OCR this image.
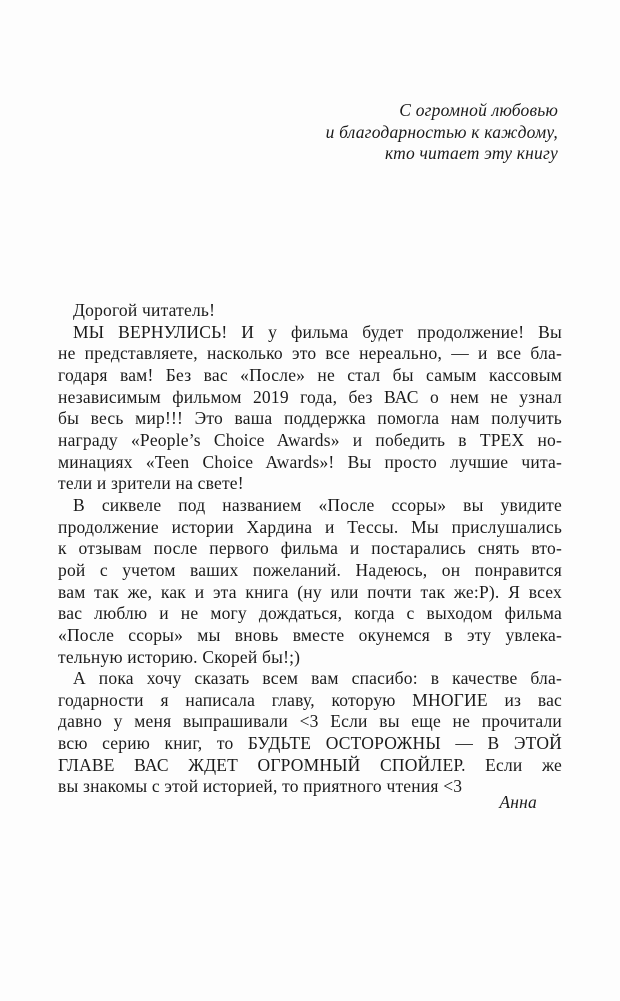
С огромной любовью
и благодарностью к каждому,
кто читает эту книгу
Дорогой читатель!
МЫ ВЕРНУЛИСЬ! И у фильма будет продолжение! Вы
не представляете, насколько это все нереально, — и все бла-
годаря вам! Без вас «После» не стал бы самым кассовым
независимым фильмом 2019 года, без ВАС о нем не узнал
бы весь мир!!! Это ваша поддержка помогла нам получить
награду «People’s Choice Awards» и победить в ТРЕХ но-
минациях «Teen Choice Awards»! Вы просто лучшие чита-
тели и зрители на свете!
В сиквеле под названием «После ссоры» вы увидите
продолжение истории Хардина и Тессы. Мы прислушались
к отзывам после первого фильма и постарались снять вто-
рой с учетом ваших пожеланий. Надеюсь, он понравится
вам так же, как и эта книга (ну или почти так же:Р). Я всех
вас люблю и не могу дождаться, когда с выходом фильма
«После ссоры» мы вновь вместе окунемся в эту увлека-
тельную историю. Скорей бы!;)
А пока хочу сказать всем вам спасибо: в качестве бла-
годарности я написала главу, которую МНОГИЕ из вас
давно у меня выпрашивали <3 Если вы еще не прочитали
всю серию книг, то БУДЬТЕ ОСТОРОЖНЫ — В ЭТОЙ
ГЛАВЕ ВАС ЖДЕТ ОГРОМНЫЙ СПОЙЛЕР. Если же
вы знакомы с этой историей, то приятного чтения <3
Анна
